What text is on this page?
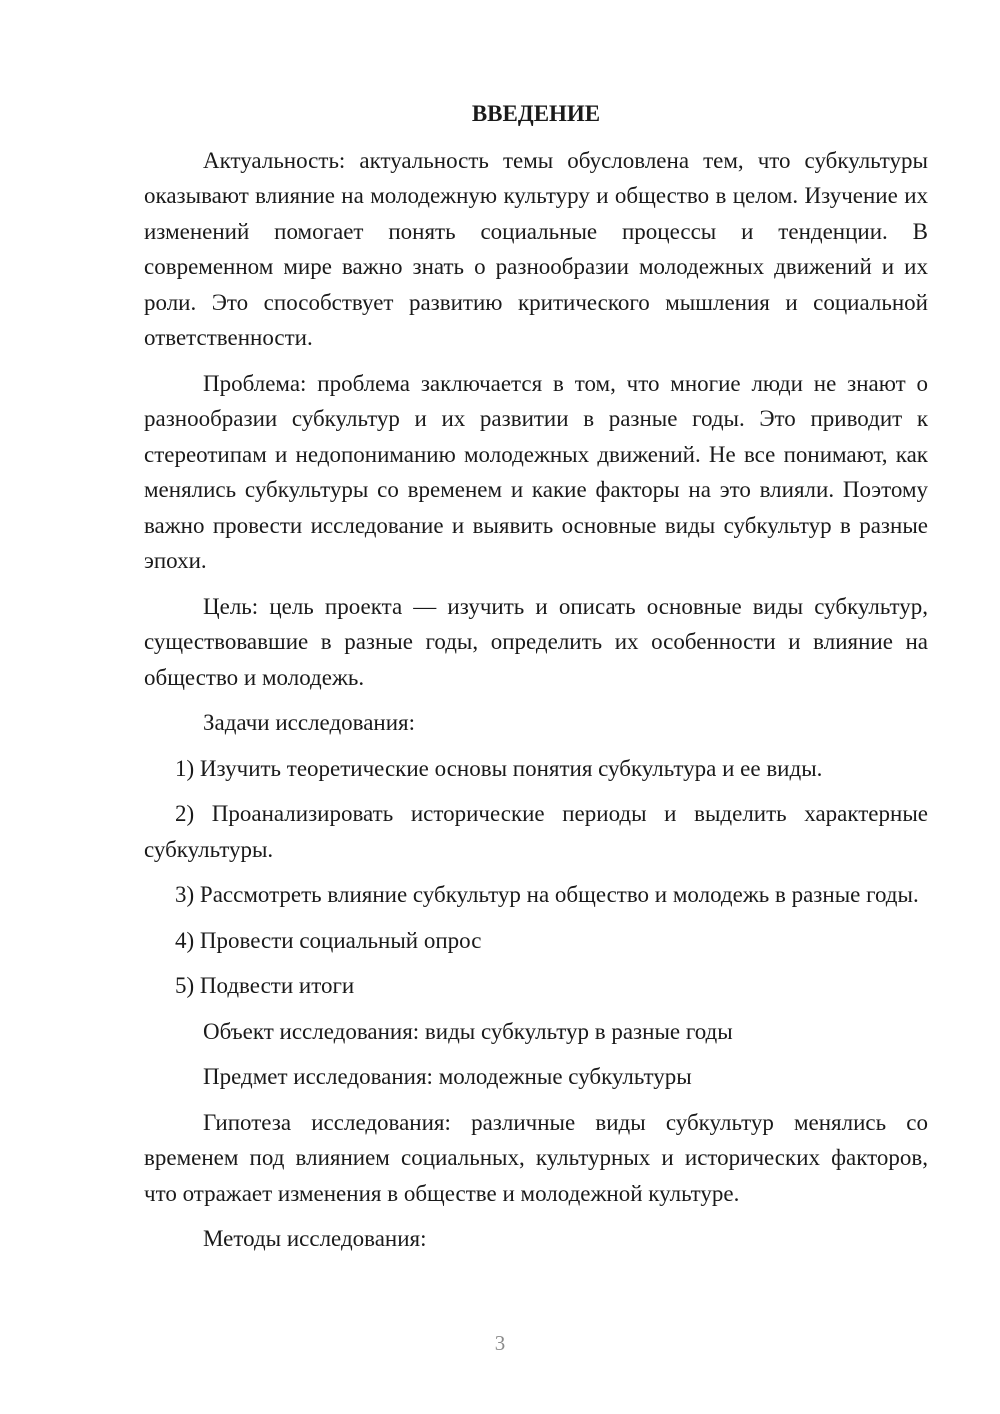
ВВЕДЕНИЕ

Актуальность: актуальность темы обусловлена тем, что субкультуры оказывают влияние на молодежную культуру и общество в целом. Изучение их изменений помогает понять социальные процессы и тенденции. В современном мире важно знать о разнообразии молодежных движений и их роли. Это способствует развитию критического мышления и социальной ответственности.

Проблема: проблема заключается в том, что многие люди не знают о разнообразии субкультур и их развитии в разные годы. Это приводит к стереотипам и недопониманию молодежных движений. Не все понимают, как менялись субкультуры со временем и какие факторы на это влияли. Поэтому важно провести исследование и выявить основные виды субкультур в разные эпохи.

Цель: цель проекта — изучить и описать основные виды субкультур, существовавшие в разные годы, определить их особенности и влияние на общество и молодежь.

Задачи исследования:

1) Изучить теоретические основы понятия субкультура и ее виды.

2) Проанализировать исторические периоды и выделить характерные субкультуры.

3) Рассмотреть влияние субкультур на общество и молодежь в разные годы.

4) Провести социальный опрос

5) Подвести итоги

Объект исследования: виды субкультур в разные годы

Предмет исследования: молодежные субкультуры

Гипотеза исследования: различные виды субкультур менялись со временем под влиянием социальных, культурных и исторических факторов, что отражает изменения в обществе и молодежной культуре.

Методы исследования:

3
